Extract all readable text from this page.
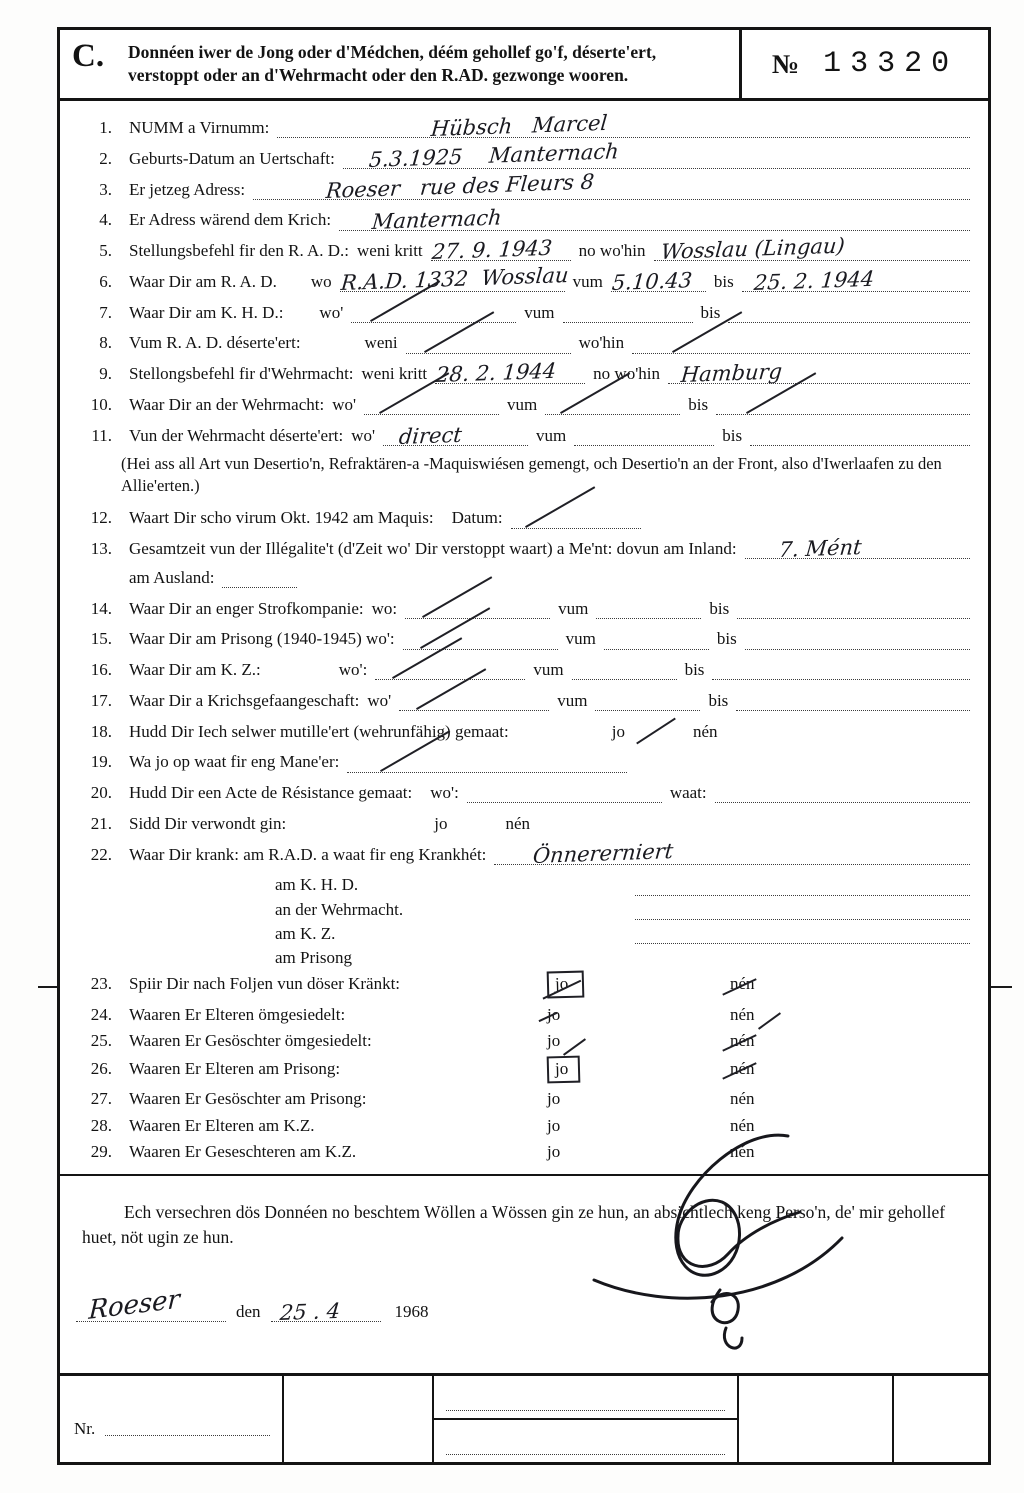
C.	Donnéen iwer de Jong oder d'Médchen, déém gehollef go'f, déserte'ert, verstoppt oder an d'Wehrmacht oder den R.AD. gezwonge wooren.	№ 13320
1.	NUMM a Virnumm:	Hübsch   Marcel
2.	Geburts-Datum an Uertschaft: 5.3.1925    Manternach
3.	Er jetzeg Adress:	Roeser   rue des Fleurs 8
4.	Er Adress wärend dem Krich: Manternach
5.	Stellungsbefehl fir den R. A. D.: weni kritt 27. 9. 1943 no wo'hin Wosslau (Lingau)
6.	Waar Dir am R. A. D. wo R.A.D. 1332  Wosslau vum 5.10.43 bis 25. 2. 1944
7.	Waar Dir am K. H. D.: wo'	vum	bis
8.	Vum R. A. D. déserte'ert:	weni	wo'hin
9.	Stellongsbefehl fir d'Wehrmacht: weni kritt 28. 2. 1944 no wo'hin Hamburg
10.	Waar Dir an der Wehrmacht: wo'	vum	bis
11.	Vun der Wehrmacht déserte'ert: wo' direct	vum	bis
(Hei ass all Art vun Desertio'n, Refraktären-a -Maquiswiésen gemengt, och Desertio'n an der Front, also d'Iwerlaafen zu den Allie'erten.)
12.	Waart Dir scho virum Okt. 1942 am Maquis: Datum:
13.	Gesamtzeit vun der Illégalite't (d'Zeit wo' Dir verstoppt waart) a Me'nt: dovun am Inland: 7. Mént
am Ausland:
14.	Waar Dir an enger Strofkompanie: wo:	vum	bis
15.	Waar Dir am Prisong (1940-1945) wo':	vum	bis
16.	Waar Dir am K. Z.:	wo':	vum	bis
17.	Waar Dir a Krichsgefaangeschaft: wo'	vum	bis
18.	Hudd Dir Iech selwer mutille'ert (wehrunfähig) gemaat:	jo	nén
19.	Wa jo op waat fir eng Mane'er:
20.	Hudd Dir een Acte de Résistance gemaat: wo':	waat:
21.	Sidd Dir verwondt gin:	jo	nén
22.	Waar Dir krank: am R.A.D. a waat fir eng Krankhét: Önnererniert
am K. H. D.
an der Wehrmacht.
am K. Z.
am Prisong
23.	Spiir Dir nach Foljen vun döser Kränkt:	jo	nén
24.	Waaren Er Elteren ömgesiedelt:	jo	nén
25.	Waaren Er Gesöschter ömgesiedelt:	jo	nén
26.	Waaren Er Elteren am Prisong:	jo	nén
27.	Waaren Er Gesöschter am Prisong:	jo	nén
28.	Waaren Er Elteren am K.Z.	jo	nén
29.	Waaren Er Geseschteren am K.Z.	jo	nén
Ech versechren dös Donnéen no beschtem Wöllen a Wössen gin ze hun, an absichtlech keng Perso'n, de' mir gehollef huet, nöt ugin ze hun.
Roeser	den 25 . 4	1968
Nr.
